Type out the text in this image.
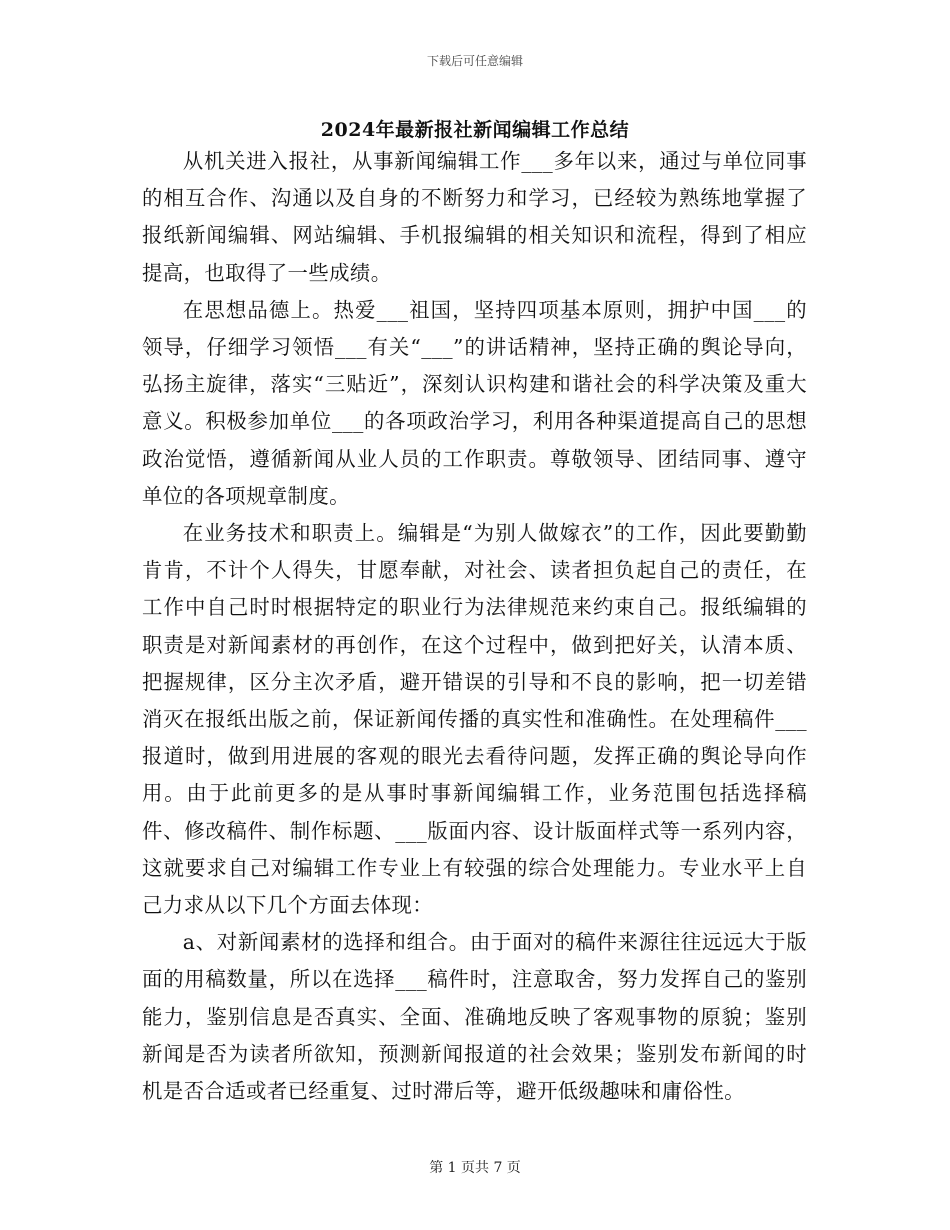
下载后可任意编辑
2024年最新报社新闻编辑工作总结

从机关进入报社，从事新闻编辑工作___多年以来，通过与单位同事的相互合作、沟通以及自身的不断努力和学习，已经较为熟练地掌握了报纸新闻编辑、网站编辑、手机报编辑的相关知识和流程，得到了相应提高，也取得了一些成绩。

在思想品德上。热爱___祖国，坚持四项基本原则，拥护中国___的领导，仔细学习领悟___有关“___”的讲话精神，坚持正确的舆论导向，弘扬主旋律，落实“三贴近”，深刻认识构建和谐社会的科学决策及重大意义。积极参加单位___的各项政治学习，利用各种渠道提高自己的思想政治觉悟，遵循新闻从业人员的工作职责。尊敬领导、团结同事、遵守单位的各项规章制度。

在业务技术和职责上。编辑是“为别人做嫁衣”的工作，因此要勤勤肯肯，不计个人得失，甘愿奉献，对社会、读者担负起自己的责任，在工作中自己时时根据特定的职业行为法律规范来约束自己。报纸编辑的职责是对新闻素材的再创作，在这个过程中，做到把好关，认清本质、把握规律，区分主次矛盾，避开错误的引导和不良的影响，把一切差错消灭在报纸出版之前，保证新闻传播的真实性和准确性。在处理稿件___报道时，做到用进展的客观的眼光去看待问题，发挥正确的舆论导向作用。由于此前更多的是从事时事新闻编辑工作，业务范围包括选择稿件、修改稿件、制作标题、___版面内容、设计版面样式等一系列内容，这就要求自己对编辑工作专业上有较强的综合处理能力。专业水平上自己力求从以下几个方面去体现：

a、对新闻素材的选择和组合。由于面对的稿件来源往往远远大于版面的用稿数量，所以在选择___稿件时，注意取舍，努力发挥自己的鉴别能力，鉴别信息是否真实、全面、准确地反映了客观事物的原貌；鉴别新闻是否为读者所欲知，预测新闻报道的社会效果；鉴别发布新闻的时机是否合适或者已经重复、过时滞后等，避开低级趣味和庸俗性。

第 1 页共 7 页
